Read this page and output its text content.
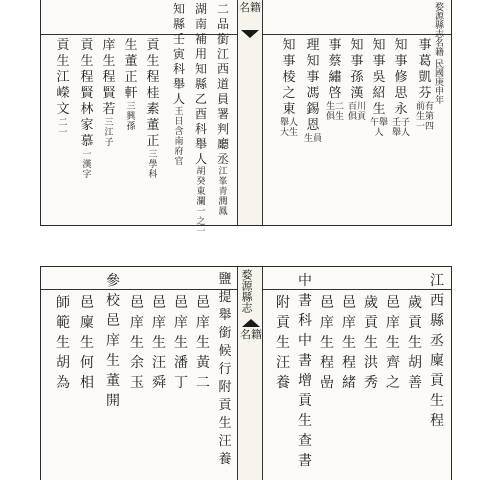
名籍	婺源縣志名籍 民國庚申年
事
葛
凱
芬
前有
生第
一四
知
事
修
思
永
壬子
舉人
知
事
吳
紹
生
午舉
人
知
事
孫
漢
百川
俱貢
事
蔡
繡
啓
生二
俱生
理
知
事
馮
錫
恩
生員
知
事
棱
之
東
舉人
大生
二
品
銜
江
西
道
員
署
判
廳
丞
江
峯
青
潤
鳳
湖
南
補
用
知
縣
乙
酉
科
舉
人
胡
癸
東
瀾
一
之
一
知
縣
壬
寅
科
舉
人
王
日
含
南
府
官
貢
生
程
桂
素
董
正
三
學
科
生
董
正
軒
三
興
孫
庠
生
程
賢
若
三
江
子
貢
生
程
賢
林
家
慕
一
漢
字
貢
生
江
嶸
文
二
一
婺源縣志
名籍
江
西
縣
丞
廩
貢
生
程
歲
貢
生
胡
善
邑
庠
生
齊
之
歲
貢
生
洪
秀
邑
庠
生
程
緒
邑
庠
生
程
嵒
中
書
科
中
書
增
貢
生
查
書
附
貢
生
汪
養
鹽
提
舉
銜
候
行
附
貢
生
汪
養
邑
庠
生
黃
二
邑
庠
生
潘
丁
邑
庠
生
汪
舜
邑
庠
生
余
玉
參
校
邑
庠
生
董
開
邑
廩
生
何
相
師
範
生
胡
為
